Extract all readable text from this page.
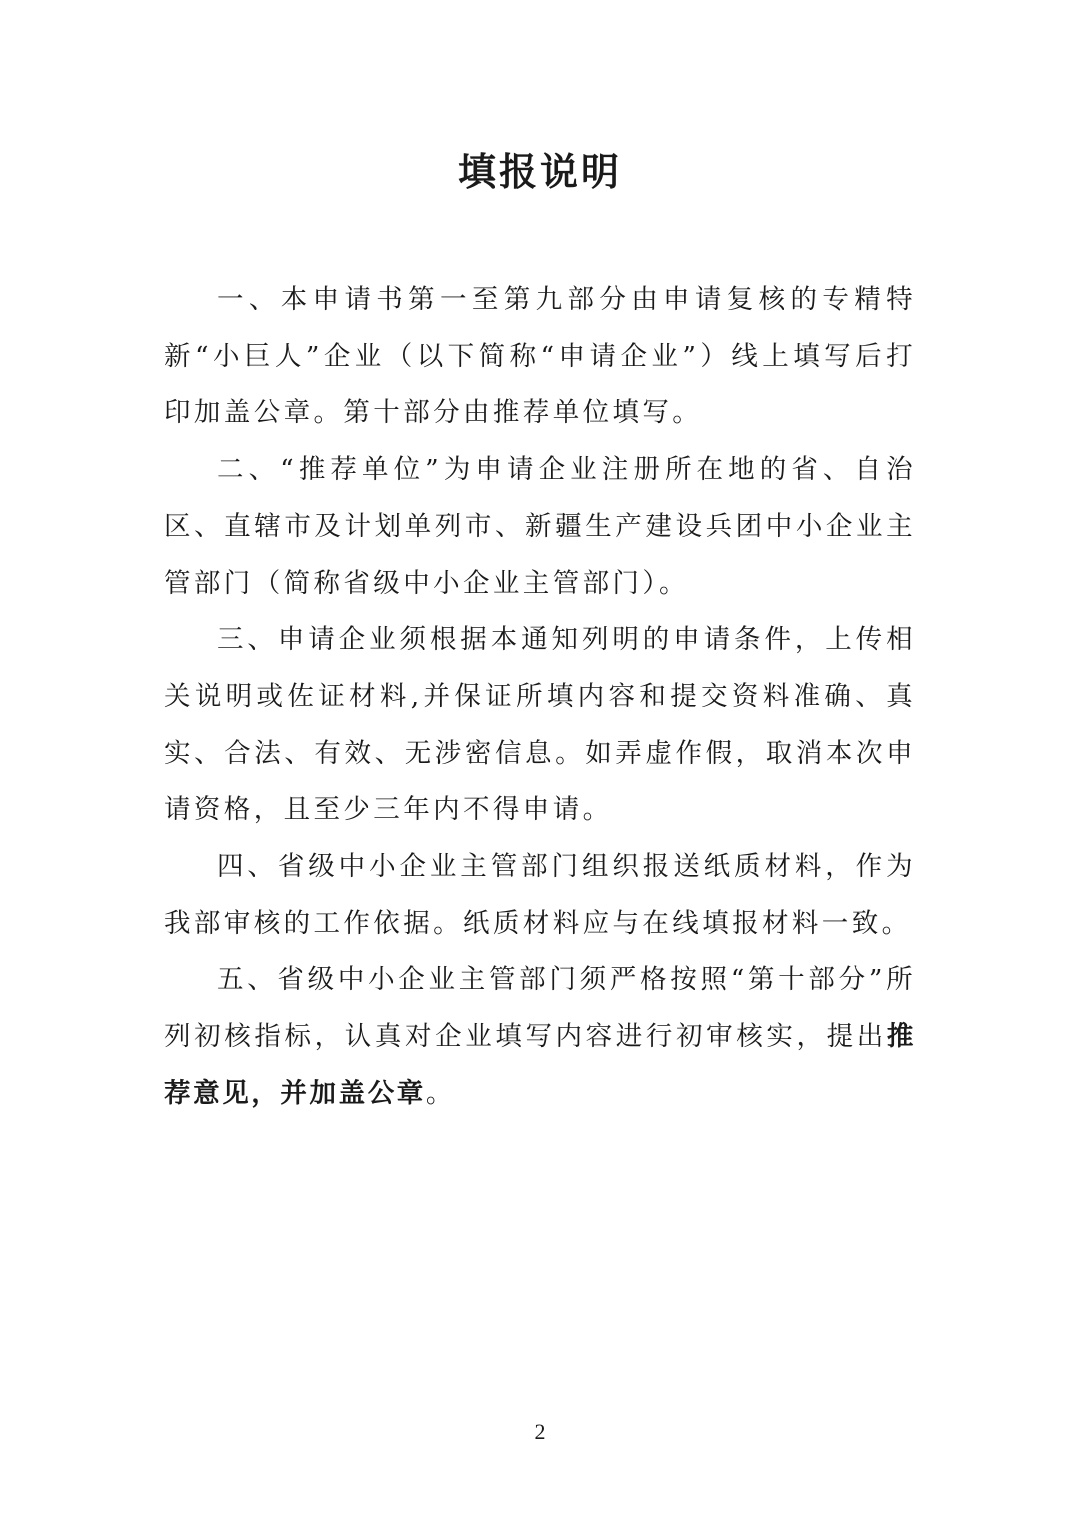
填报说明

一、本申请书第一至第九部分由申请复核的专精特新“小巨人”企业（以下简称“申请企业”）线上填写后打印加盖公章。第十部分由推荐单位填写。

二、“推荐单位”为申请企业注册所在地的省、自治区、直辖市及计划单列市、新疆生产建设兵团中小企业主管部门（简称省级中小企业主管部门）。

三、申请企业须根据本通知列明的申请条件，上传相关说明或佐证材料,并保证所填内容和提交资料准确、真实、合法、有效、无涉密信息。如弄虚作假，取消本次申请资格，且至少三年内不得申请。

四、省级中小企业主管部门组织报送纸质材料，作为我部审核的工作依据。纸质材料应与在线填报材料一致。

五、省级中小企业主管部门须严格按照“第十部分”所列初核指标，认真对企业填写内容进行初审核实，提出推荐意见，并加盖公章。

2
